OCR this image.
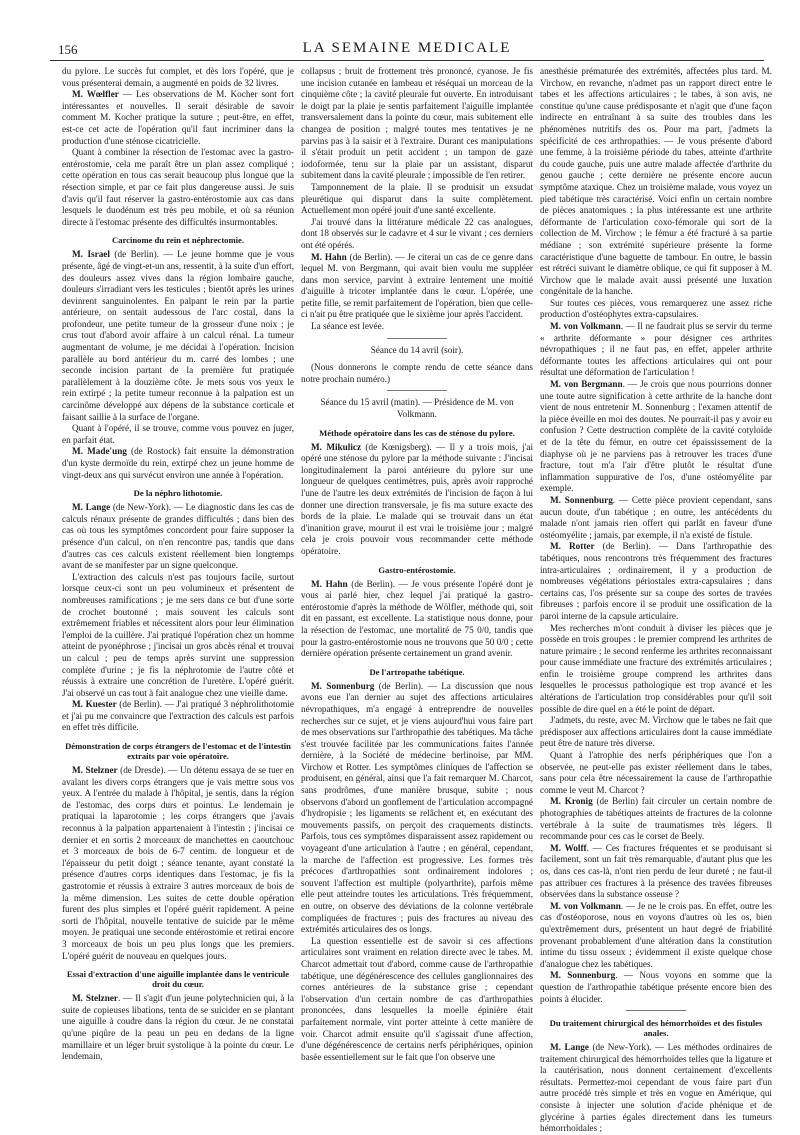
156	LA SEMAINE MEDICALE

du pylore. Le succès fut complet, et dès lors l'opéré, que je vous présenterai demain, a augmenté en poids de 32 livres.

M. Wœlfler — Les observations de M. Kocher sont fort intéressantes et nouvelles. Il serait désirable de savoir comment M. Kocher pratique la suture ; peut-être, en effet, est-ce cet acte de l'opération qu'il faut incriminer dans la production d'une sténose cicatricielle.

Quant à combiner la résection de l'estomac avec la gastro-entérostomie, cela me paraît être un plan assez compliqué ; cette opération en tous cas serait beaucoup plus longue que la résection simple, et par ce fait plus dangereuse aussi. Je suis d'avis qu'il faut réserver la gastro-entérostomie aux cas dans lesquels le duodénum est très peu mobile, et où sa réunion directe à l'estomac présente des difficultés insurmontables.

Carcinome du rein et néphrectomie.

M. Israel (de Berlin). — Le jeune homme que je vous présente, âgé de vingt-et-un ans, ressentit, à la suite d'un effort, des douleurs assez vives dans la région lombaire gauche, douleurs s'irradiant vers les testicules ; bientôt après les urines devinrent sanguinolentes. En palpant le rein par la partie antérieure, on sentait audessous de l'arc costal, dans la profondeur, une petite tumeur de la grosseur d'une noix ; je crus tout d'abord avoir affaire à un calcul rénal. La tumeur augmentant de volume, je me décidai à l'opération. Incision parallèle au bord antérieur du m. carré des lombes ; une seconde incision partant de la première fut pratiquée parallèlement à la douzième côte. Je mets sous vos yeux le rein extirpé ; la petite tumeur reconnue à la palpation est un carcinôme développé aux dépens de la substance corticale et faisant saillie à la surface de l'organe.

Quant à l'opéré, il se trouve, comme vous pouvez en juger, en parfait état.

M. Made'ung (de Rostock) fait ensuite la démonstration d'un kyste dermoïde du rein, extirpé chez un jeune homme de vingt-deux ans qui survécut environ une année à l'opération.

De la néphro lithotomie.

M. Lange (de New-York). — Le diagnostic dans les cas de calculs rénaux présente de grandes difficultés ; dans bien des cas où tous les symptômes concordent pour faire supposer la présence d'un calcul, on n'en rencontre pas, tandis que dans d'autres cas ces calculs existent réellement bien longtemps avant de se manifester par un signe quelconque.

L'extraction des calculs n'est pas toujours facile, surtout lorsque ceux-ci sont un peu volumineux et présentent de nombreuses ramifications ; je me sers dans ce but d'une sorte de crochet boutonné ; mais souvent les calculs sont extrêmement friables et nécessitent alors pour leur élimination l'emploi de la cuillère. J'ai pratiqué l'opération chez un homme atteint de pyonéphrose ; j'incisai un gros abcès rénal et trouvai un calcul ; peu de temps après survint une suppression complète d'urine ; je fis la néphrotomie de l'autre côté et réussis à extraire une concrétion de l'uretère. L'opéré guérit. J'ai observé un cas tout à fait analogue chez une vieille dame.

M. Kuester (de Berlin). — J'ai pratiqué 3 néphrolithotomie et j'ai pu me convaincre que l'extraction des calculs est parfois en effet très difficile.

Démonstration de corps étrangers de l'estomac et de l'intestin extraits par voie opératoire.

M. Stelzner (de Dresde). — Un détenu essaya de se tuer en avalant les divers corps étrangers que je vais mettre sous vos yeux. A l'entrée du malade à l'hôpital, je sentis, dans la région de l'estomac, des corps durs et pointus. Le lendemain je pratiquai la laparotomie ; les corps étrangers que j'avais reconnus à la palpation appartenaient à l'intestin ; j'incisai ce dernier et en sortis 2 morceaux de manchettes en caoutchouc et 3 morceaux de bois de 6-7 centim. de longueur et de l'épaisseur du petit doigt ; séance tenante, ayant constaté la présence d'autres corps identiques dans l'estomac, je fis la gastrotomie et réussis à extraire 3 autres morceaux de bois de la même dimension. Les suites de cette double opération furent des plus simples et l'opéré guérit rapidement. A peine sorti de l'hôpital, nouvelle tentative de suicide par le même moyen. Je pratiquai une seconde entérostomie et retirai encore 3 morceaux de bois un peu plus longs que les premiers. L'opéré guérit de nouveau en quelques jours.

Essai d'extraction d'une aiguille implantée dans le ventricule droit du cœur.

M. Stelzner. — Il s'agit d'un jeune polytechnicien qui, à la suite de copieuses libations, tenta de se suicider en se plantant une aiguille à coudre dans la région du cœur. Je ne constatai qu'une piqûre de la peau un peu en dedans de la ligne mamillaire et un léger bruit systolique à la pointe du cœur. Le lendemain,

collapsus ; bruit de frottement très prononcé, cyanose. Je fis une incision cutanée en lambeau et réséquai un morceau de la cinquième côte ; la cavité pleurale fut ouverte. En introduisant le doigt par la plaie je sentis parfaitement l'aiguille implantée transversalement dans la pointe du cœur, mais subitement elle changea de position ; malgré toutes mes tentatives je ne parvins pas à la saisir et à l'extraire. Durant ces manipulations il s'était produit un petit accident ; un tampon de gaze iodoformée, tenu sur la plaie par un assistant, disparut subitement dans la cavité pleurale ; impossible de l'en retirer.

Tamponnement de la plaie. Il se produisit un exsudat pleurétique qui disparut dans la suite complètement. Actuellement mon opéré jouit d'une santé excellente.

J'ai trouvé dans la littérature médicale 22 cas analogues, dont 18 observés sur le cadavre et 4 sur le vivant ; ces derniers ont été opérés.

M. Hahn (de Berlin). — Je citerai un cas de ce genre dans lequel M. von Bergmann, qui avait bien voulu me suppléer dans mon service, parvint à extraire lentement une moitié d'aiguille à tricoter implantée dans le cœur. L'opérée, une petite fille, se remit parfaitement de l'opération, bien que celle-ci n'ait pu être pratiquée que le sixième jour après l'accident.

La séance est levée.

Séance du 14 avril (soir).

(Nous donnerons le compte rendu de cette séance dans notre prochain numéro.)

Séance du 15 avril (matin). — Présidence de M. von Volkmann.

Méthode opératoire dans les cas de sténose du pylore.

M. Mikulicz (de Kœnigsberg). — Il y a trois mois, j'ai opéré une sténose du pylore par la méthode suivante : J'incisai longitudinalement la paroi antérieure du pylore sur une longueur de quelques centimètres, puis, après avoir rapproché l'une de l'autre les deux extrémités de l'incision de façon à lui donner une direction transversale, je fis ma suture exacte des bords de la plaie. Le malade qui se trouvait dans un état d'inanition grave, mourut il est vrai le troisième jour ; malgré cela je crois pouvoir vous recommander cette méthode opératoire.

Gastro-entérostomie.

M. Hahn (de Berlin). — Je vous présente l'opéré dont je vous ai parlé hier, chez lequel j'ai pratiqué la gastro-entérostomie d'après la méthode de Wölfler, méthode qui, soit dit en passant, est excellente. La statistique nous donne, pour la résection de l'estomac, une mortalité de 75 0/0, tandis que pour la gastro-entérostomie nous ne trouvons que 50 0/0 ; cette dernière opération présente certainement un grand avenir.

De l'artropathe tabétique.

M. Sonnenburg (de Berlin). — La discussion que nous avons eue l'an dernier au sujet des affections articulaires névropathiques, m'a engagé à entreprendre de nouvelles recherches sur ce sujet, et je viens aujourd'hui vous faire part de mes observations sur l'arthropathie des tabétiques. Ma tâche s'est trouvée facilitée par les communications faites l'année dernière, à la Société de médecine berlinoise, par MM. Virchow et Rotter. Les symptômes cliniques de l'affection se produisent, en général, ainsi que l'a fait remarquer M. Charcot, sans prodrômes, d'une manière brusque, subite ; nous observons d'abord un gonflement de l'articulation accompagné d'hydropisie ; les ligaments se relâchent et, en exécutant des mouvements passifs, on perçoit des craquements distincts. Parfois, tous ces symptômes disparaissent assez rapidement ou voyageant d'une articulation à l'autre ; en général, cependant, la marche de l'affection est progressive. Les formes très précoces d'arthropathies sont ordinairement indolores ; souvent l'affection est multiple (polyarthrite), parfois même elle peut atteindre toutes les articulations. Très fréquemment, en outre, on observe des déviations de la colonne vertébrale compliquées de fractures ; puis des fractures au niveau des extrémités articulaires des os longs.

La question essentielle est de savoir si ces affections articulaires sont vraiment en relation directe avec le tabes. M. Charcot admettait tout d'abord, comme cause de l'arthropathie tabétique, une dégénérescence des cellules ganglionnaires des cornes antérieures de la substance grise ; cependant l'observation d'un certain nombre de cas d'arthropathies prononcées, dans lesquelles la moelle épinière était parfaitement normale, vint porter atteinte à cette manière de voir. Charcot admit ensuite qu'il s'agissait d'une affection, d'une dégénérescence de certains nerfs périphériques, opinion basée essentiellement sur le fait que l'on observe une

anesthésie prématurée des extrémités, affectées plus tard. M. Virchow, en revanche, n'admet pas un rapport direct entre le tabes et les affections articulaires ; le tabes, à son avis, ne constitue qu'une cause prédisposante et n'agit que d'une façon indirecte en entraînant à sa suite des troubles dans les phénomènes nutritifs des os. Pour ma part, j'admets la spécificité de ces arthropathies. — Je vous présente d'abord une femme, à la troisième période du tabes, atteinte d'arthrite du coude gauche, puis une autre malade affectée d'arthrite du genou gauche ; cette dernière ne présente encore aucun symptôme ataxique. Chez un troisième malade, vous voyez un pied tabétique très caractérisé. Voici enfin un certain nombre de pièces anatomiques ; la plus intéressante est une arthrite déformante de l'articulation coxo-fémorale qui sort de la collection de M. Virchow ; le fémur a été fracturé à sa partie médiane ; son extrémité supérieure présente la forme caractéristique d'une baguette de tambour. En outre, le bassin est rétréci suivant le diamètre oblique, ce qui fit supposer à M. Virchow que le malade avait aussi présenté une luxation congénitale de la hanche.

Sur toutes ces pièces, vous remarquerez une assez riche production d'ostéophytes extra-capsulaires.

M. von Volkmann. — Il ne faudrait plus se servir du terme « arthrite déformante » pour désigner ces arthrites névropathiques ; il ne faut pas, en effet, appeler arthrite déformante toutes les affections articulaires qui ont pour résultat une déformation de l'articulation !

M. von Bergmann. — Je crois que nous pourrions donner une toute autre signification à cette arthrite de la hanche dont vient de nous entretenir M. Sonnenburg ; l'examen attentif de la pièce éveille en moi des doutes. Ne pourrait-il pas y avoir eu confusion ? Cette destruction complète de la cavité cotyloïde et de la tête du fémur, en outre cet épaississement de la diaphyse où je ne parviens pas à retrouver les traces d'une fracture, tout m'a l'air d'être plutôt le résultat d'une inflammation suppurative de l'os, d'une ostéomyélite par exemple.

M. Sonnenburg. — Cette pièce provient cependant, sans aucun doute, d'un tabétique ; en outre, les antécédents du malade n'ont jamais rien offert qui parlât en faveur d'une ostéomyélite ; jamais, par exemple, il n'a existé de fistule.

M. Rotter (de Berlin). — Dans l'arthropathie des tabétiques, nous rencontrons très fréquemment des fractures intra-articulaires ; ordinairement, il y a production de nombreuses végétations périostales extra-capsulaires ; dans certains cas, l'os présente sur sa coupe des sortes de travées fibreuses ; parfois encore il se produit une ossification de la paroi interne de la capsule articulaire.

Mes recherches m'ont conduit à diviser les pièces que je possède en trois groupes : le premier comprend les arthrites de nature primaire ; le second renferme les arthrites reconnaissant pour cause immédiate une fracture des extrémités articulaires ; enfin le troisième groupe comprend les arthrites dans lesquelles le processus pathologique est trop avancé et les altérations de l'articulation trop considérables pour qu'il soit possible de dire quel en a été le point de départ.

J'admets, du reste, avec M. Virchow que le tabes ne fait que prédisposer aux affections articulaires dont la cause immédiate peut être de nature très diverse.

Quant à l'atrophie des nerfs périphériques que l'on a observée, ne peut-elle pas exister réellement dans le tabes, sans pour cela être nécessairement la cause de l'arthropathie comme le veut M. Charcot ?

M. Kronig (de Berlin) fait circuler un certain nombre de photographies de tabétiques atteints de fractures de la colonne vertébrale à la suite de traumatismes très légers. Il recommande pour ces cas le corset de Beely.

M. Wolff. — Ces fractures fréquentes et se produisant si facilement, sont un fait très remarquable, d'autant plus que les os, dans ces cas-là, n'ont rien perdu de leur dureté ; ne faut-il pas attribuer ces fractures à la présence des travées fibreuses observées dans la substance osseuse ?

M. von Volkmann. — Je ne le crois pas. En effet, outre les cas d'ostéoporose, nous en voyons d'autres où les os, bien qu'extrêmement durs, présentent un haut degré de friabilité provenant probablement d'une altération dans la constitution intime du tissu osseux ; évidemment il existe quelque chose d'analogue chez les tabétiques.

M. Sonnenburg. — Nous voyons en somme que la question de l'arthropathie tabétique présente encore bien des points à élucider.

Du traitement chirurgical des hémorrhoïdes et des fistules anales.

M. Lange (de New-York). — Les méthodes ordinaires de traitement chirurgical des hémorrhoïdes telles que la ligature et la cautérisation, nous donnent certainement d'excellents résultats. Permettez-moi cependant de vous faire part d'un autre procédé très simple et très en vogue en Amérique, qui consiste à injecter une solution d'acide phénique et de glycérine à parties égales directement dans les tumeurs hémorrhoïdales ;
